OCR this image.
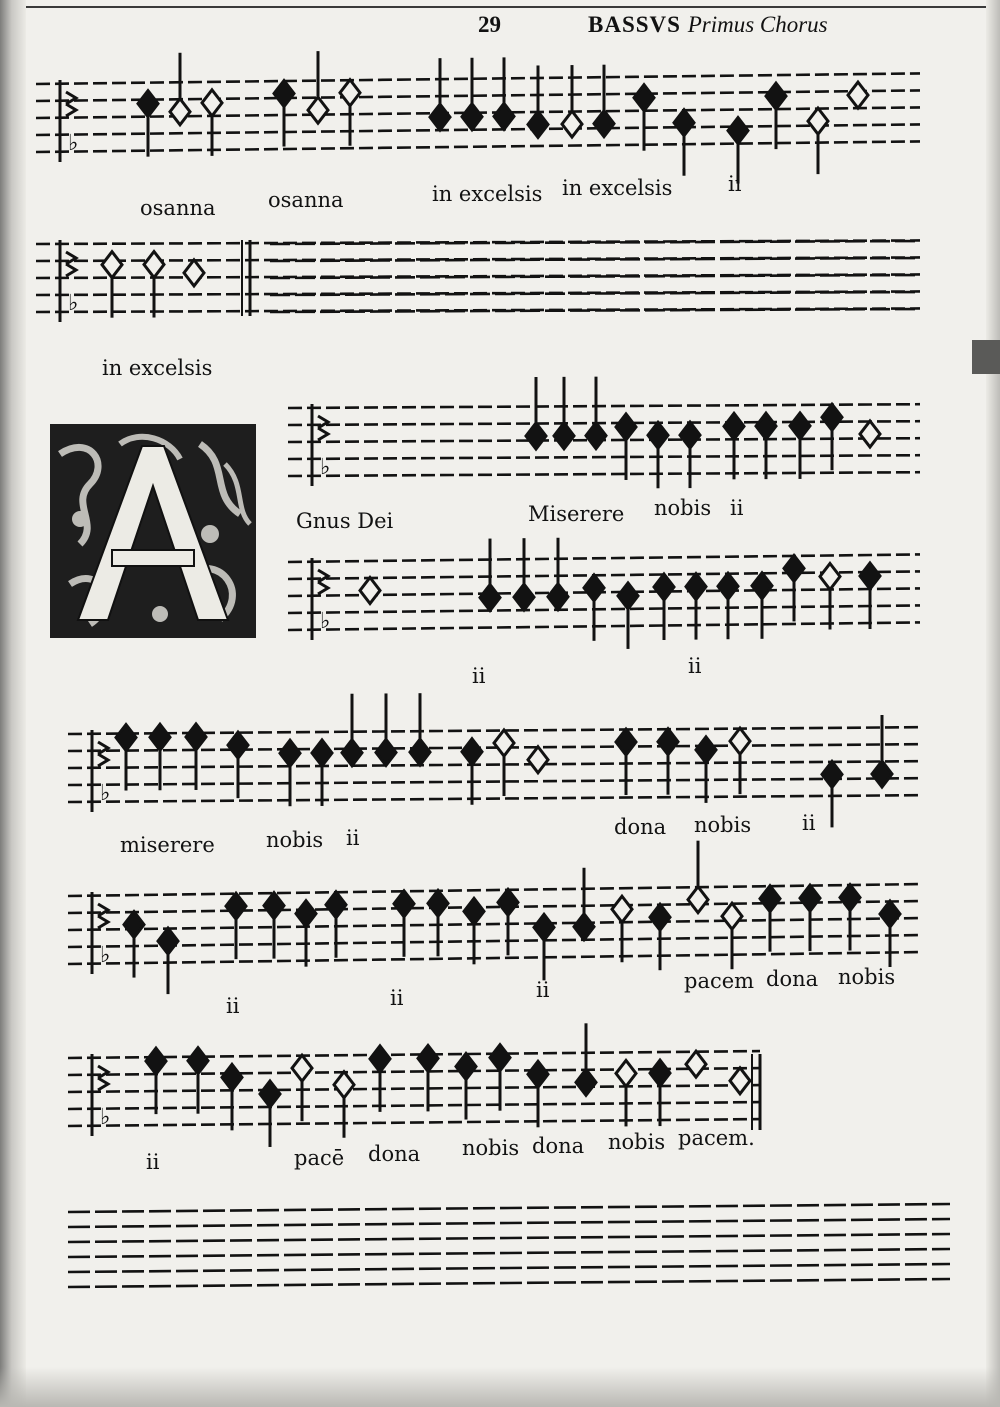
29	BASSVS Primus Chorus
♭
♭
♭
♭
♭
♭
♭
osanna osanna	in excelsis in excelsis	ii
in excelsis
Gnus Dei	Miserere nobis ii
ii	ii
miserere nobis ii	dona nobis ii
ii	ii	ii	pacem dona nobis
ii	pacē dona nobis dona nobis pacem.
